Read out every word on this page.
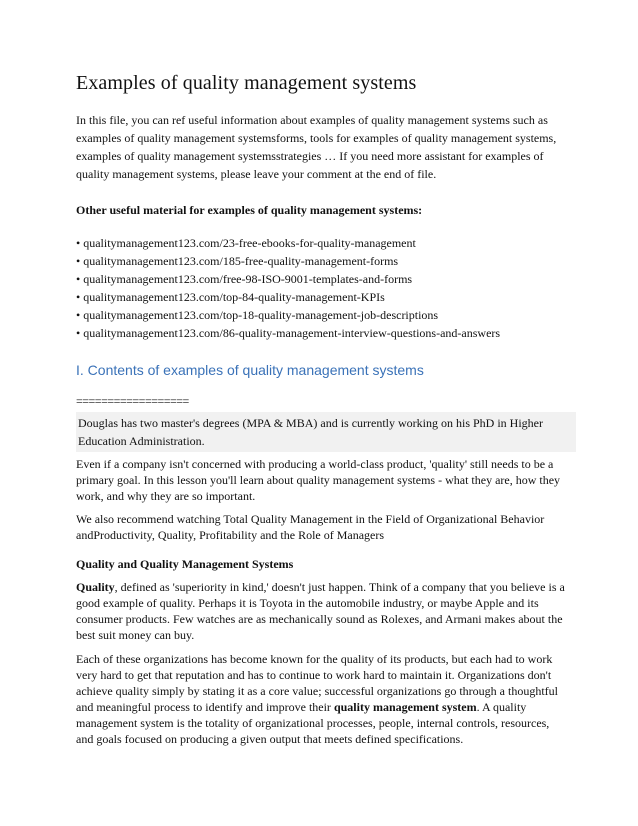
Examples of quality management systems

In this file, you can ref useful information about examples of quality management systems such as examples of quality management systemsforms, tools for examples of quality management systems, examples of quality management systemsstrategies … If you need more assistant for examples of quality management systems, please leave your comment at the end of file.

Other useful material for examples of quality management systems:

• qualitymanagement123.com/23-free-ebooks-for-quality-management
• qualitymanagement123.com/185-free-quality-management-forms
• qualitymanagement123.com/free-98-ISO-9001-templates-and-forms
• qualitymanagement123.com/top-84-quality-management-KPIs
• qualitymanagement123.com/top-18-quality-management-job-descriptions
• qualitymanagement123.com/86-quality-management-interview-questions-and-answers
I. Contents of examples of quality management systems

==================

Douglas has two master's degrees (MPA & MBA) and is currently working on his PhD in Higher Education Administration.

Even if a company isn't concerned with producing a world-class product, 'quality' still needs to be a primary goal. In this lesson you'll learn about quality management systems - what they are, how they work, and why they are so important.

We also recommend watching Total Quality Management in the Field of Organizational Behavior andProductivity, Quality, Profitability and the Role of Managers

Quality and Quality Management Systems

Quality, defined as 'superiority in kind,' doesn't just happen. Think of a company that you believe is a good example of quality. Perhaps it is Toyota in the automobile industry, or maybe Apple and its consumer products. Few watches are as mechanically sound as Rolexes, and Armani makes about the best suit money can buy.

Each of these organizations has become known for the quality of its products, but each had to work very hard to get that reputation and has to continue to work hard to maintain it. Organizations don't achieve quality simply by stating it as a core value; successful organizations go through a thoughtful and meaningful process to identify and improve their quality management system. A quality management system is the totality of organizational processes, people, internal controls, resources, and goals focused on producing a given output that meets defined specifications.
